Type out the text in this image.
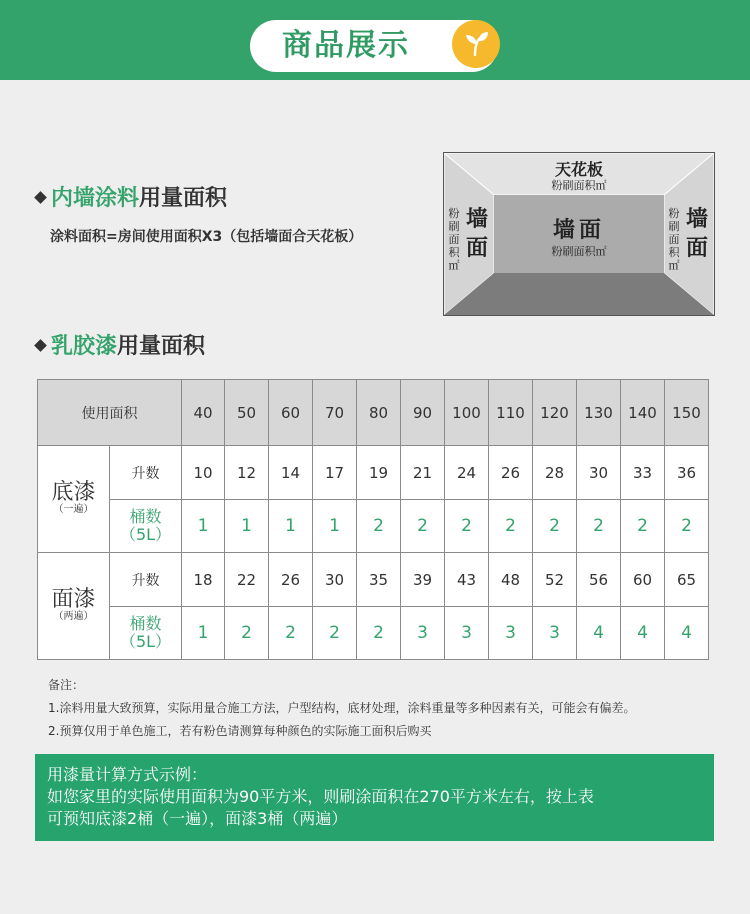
商品展示
内墙涂料用量面积
涂料面积=房间使用面积X3（包括墙面合天花板）
天花板
粉刷面积㎡
墙面
粉刷面积㎡
粉刷面积㎡
墙面
粉刷面积㎡
墙面
乳胶漆用量面积
使用面积		40	50	60	70	80	90	100	110	120	130	140	150

底漆
（一遍）	升数	10	12	14	17	19	21	24	26	28	30	33	36
	桶数
（5L）	1	1	1	1	2	2	2	2	2	2	2	2

面漆
（两遍）	升数	18	22	26	30	35	39	43	48	52	56	60	65
	桶数
（5L）	1	2	2	2	2	3	3	3	3	4	4	4
备注：
1.涂料用量大致预算，实际用量合施工方法，户型结构，底材处理，涂料重量等多种因素有关，可能会有偏差。
2.预算仅用于单色施工，若有粉色请测算每种颜色的实际施工面积后购买

用漆量计算方式示例：

如您家里的实际使用面积为90平方米，则刷涂面积在270平方米左右，按上表

可预知底漆2桶（一遍），面漆3桶（两遍）
